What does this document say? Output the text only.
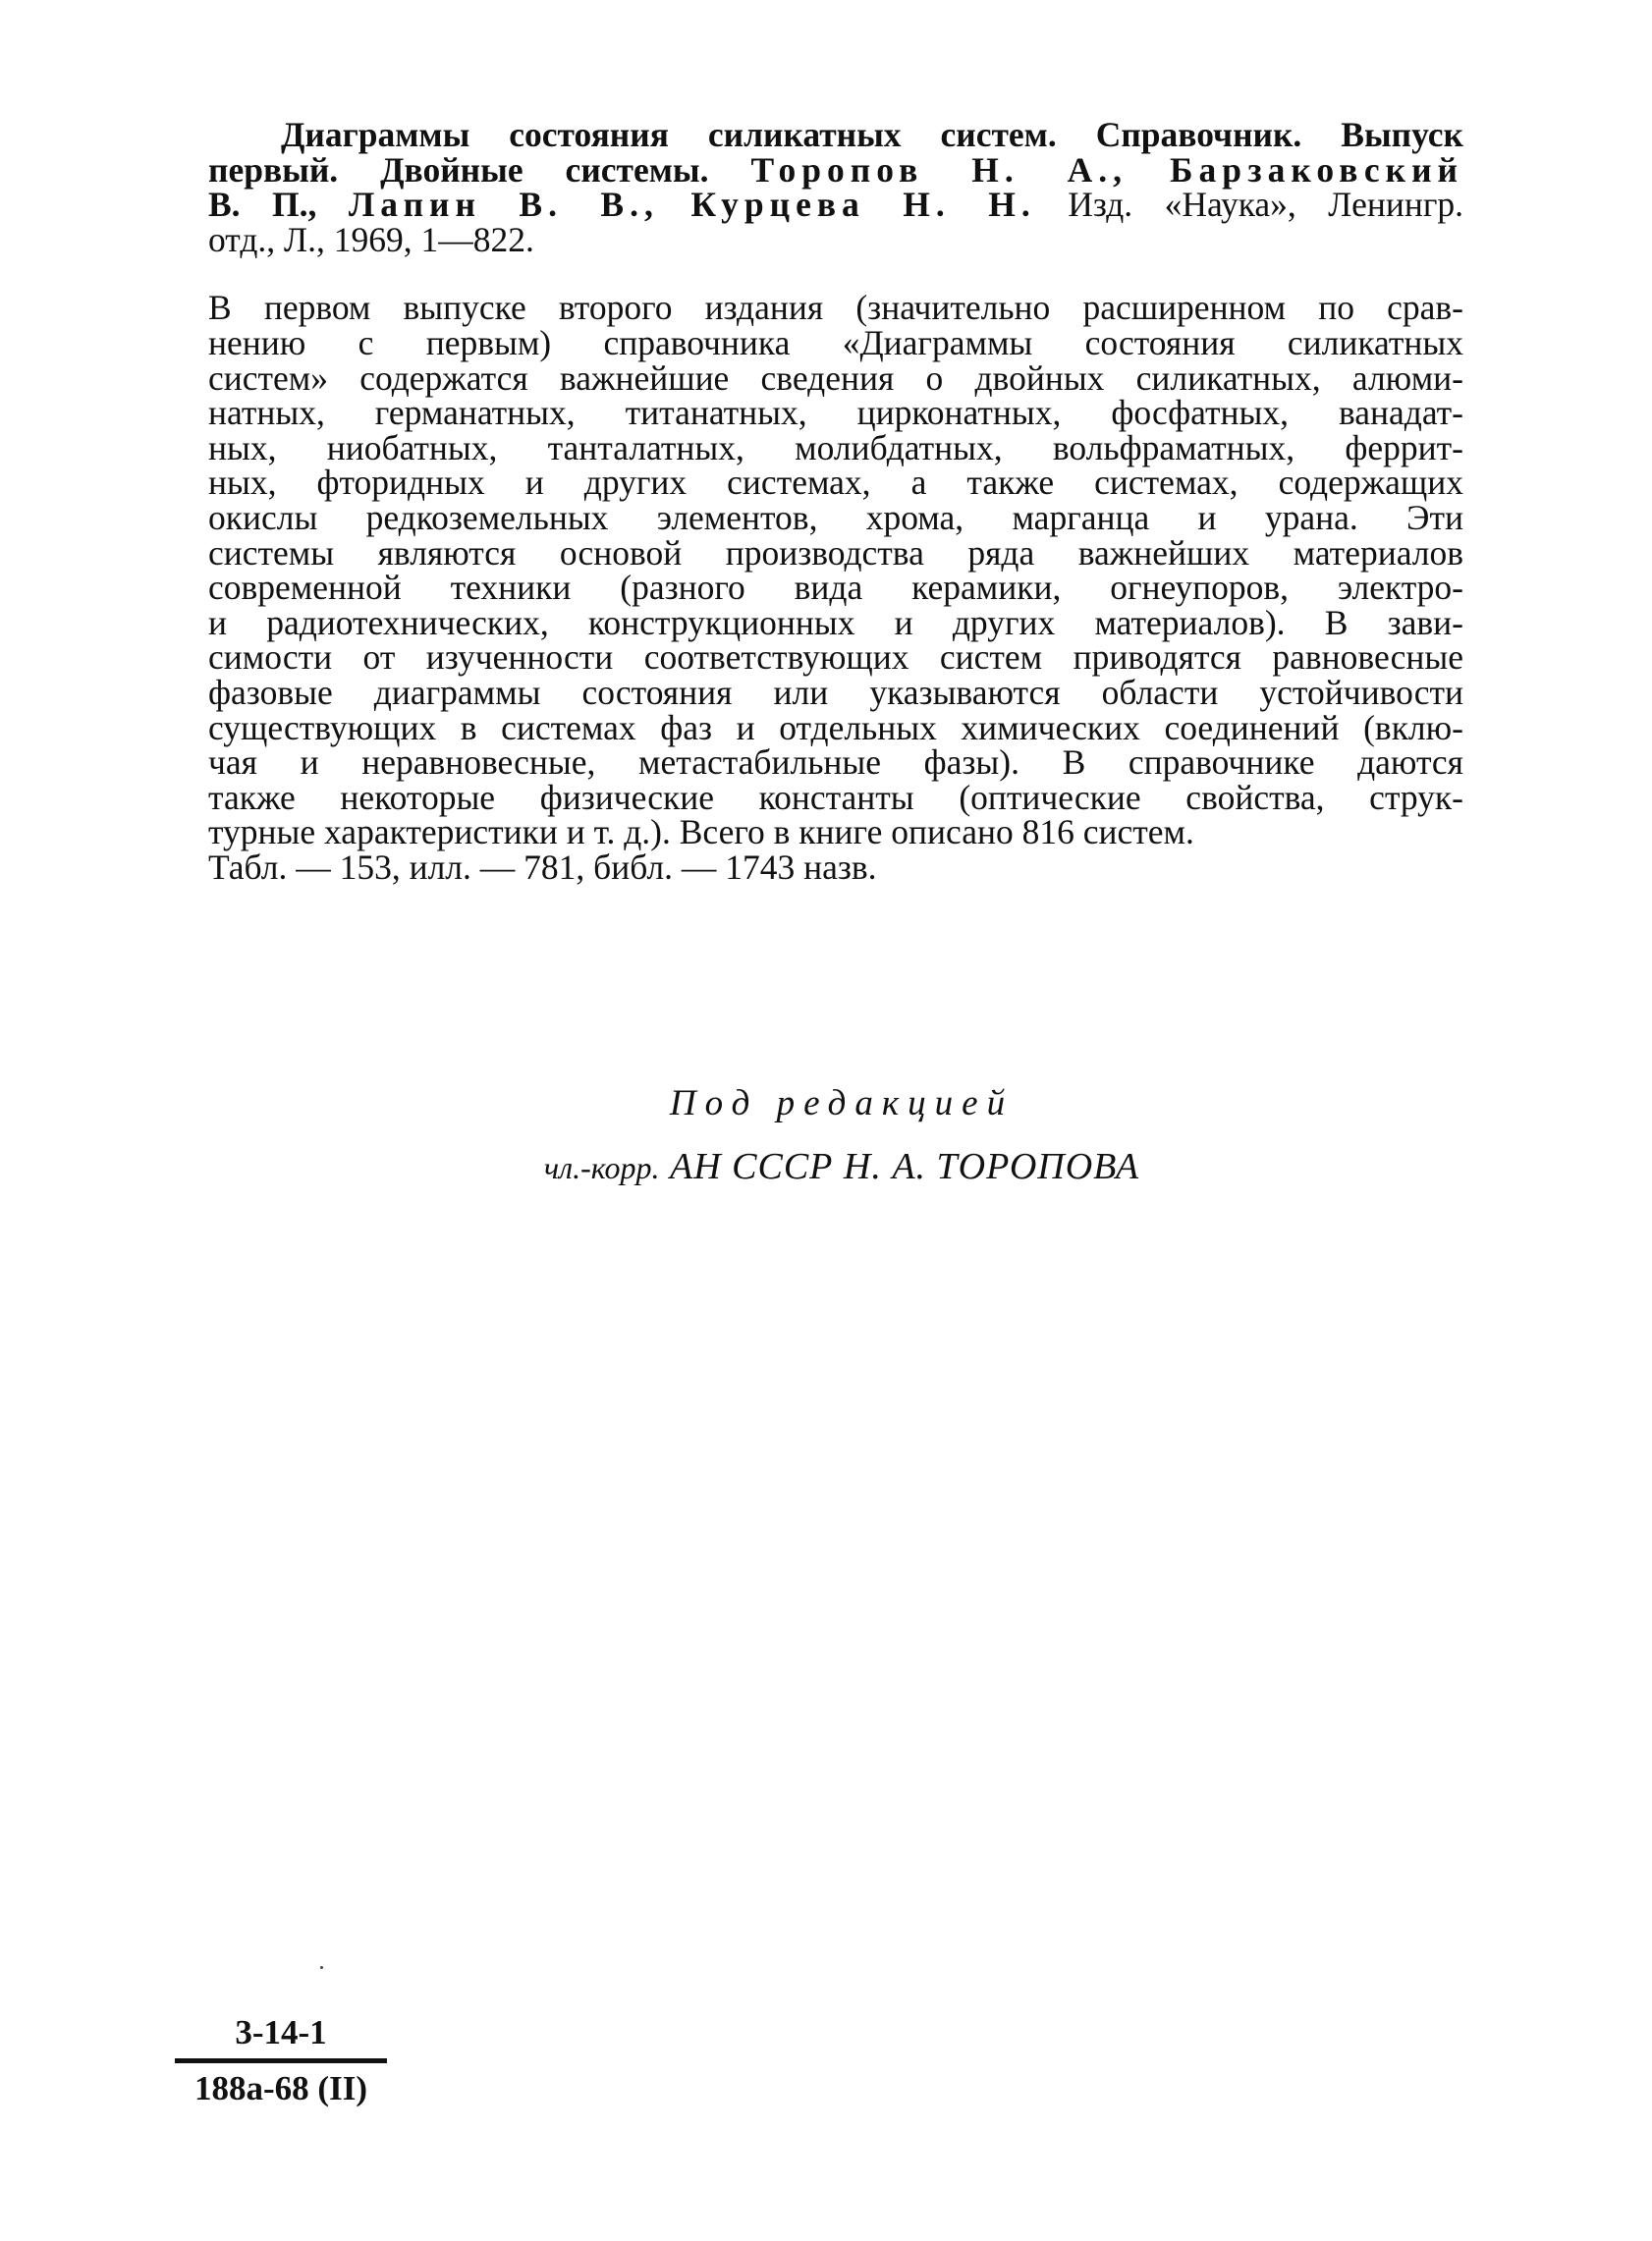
Диаграммы состояния силикатных систем. Справочник. Выпуск
первый. Двойные системы. Торопов Н. А., Барзаковский
В. П., Лапин В. В., Курцева Н. Н. Изд. «Наука», Ленингр.
отд., Л., 1969, 1—822.
В первом выпуске второго издания (значительно расширенном по срав-
нению с первым) справочника «Диаграммы состояния силикатных
систем» содержатся важнейшие сведения о двойных силикатных, алюми-
натных, германатных, титанатных, цирконатных, фосфатных, ванадат-
ных, ниобатных, танталатных, молибдатных, вольфраматных, феррит-
ных, фторидных и других системах, а также системах, содержащих
окислы редкоземельных элементов, хрома, марганца и урана. Эти
системы являются основой производства ряда важнейших материалов
современной техники (разного вида керамики, огнеупоров, электро-
и радиотехнических, конструкционных и других материалов). В зави-
симости от изученности соответствующих систем приводятся равновесные
фазовые диаграммы состояния или указываются области устойчивости
существующих в системах фаз и отдельных химических соединений (вклю-
чая и неравновесные, метастабильные фазы). В справочнике даются
также некоторые физические константы (оптические свойства, струк-
турные характеристики и т. д.). Всего в книге описано 816 систем.
Табл. — 153, илл. — 781, библ. — 1743 назв.
Под редакцией
чл.-корр. АН СССР Н. А. ТОРОПОВА
3-14-1
188а-68 (II)
